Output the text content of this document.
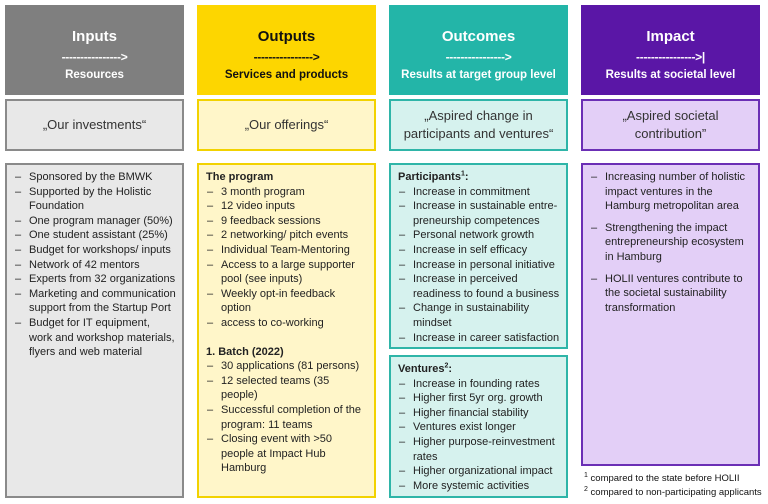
Inputs
---------------->
Resources
„Our investments“
– Sponsored by the BMWK
– Supported by the Holistic Foundation
– One program manager (50%)
– One student assistant (25%)
– Budget for workshops/ inputs
– Network of 42 mentors
– Experts from 32 organizations
– Marketing and communication support from the Startup Port
– Budget for IT equipment, work and workshop materials, flyers and web material
Outputs
---------------->
Services and products
„Our offerings“
The program
– 3 month program
– 12 video inputs
– 9 feedback sessions
– 2 networking/ pitch events
– Individual Team-Mentoring
– Access to a large supporter pool (see inputs)
– Weekly opt-in feedback option
– access to co-working
1. Batch (2022)
– 30 applications (81 persons)
– 12 selected teams (35 people)
– Successful completion of the program: 11 teams
– Closing event with >50 people at Impact Hub Hamburg
Outcomes
---------------->
Results at target group level
„Aspired change in participants and ventures“
Participants$^1$:
– Increase in commitment
– Increase in sustainable entre-preneurship competences
– Personal network growth
– Increase in self efficacy
– Increase in personal initiative
– Increase in perceived readiness to found a business
– Change in sustainability mindset
– Increase in career satisfaction
Ventures$^2$:
– Increase in founding rates
– Higher first 5yr org. growth
– Higher financial stability
– Ventures exist longer
– Higher purpose-reinvestment rates
– Higher organizational impact
– More systemic activities
Impact
---------------->|
Results at societal level
„Aspired societal contribution”
– Increasing number of holistic impact ventures in the Hamburg metropolitan area
– Strengthening the impact entrepreneurship ecosystem in Hamburg
– HOLII ventures contribute to the societal sustainability transformation
$^1$ compared to the state before HOLII
$^2$ compared to non-participating applicants
